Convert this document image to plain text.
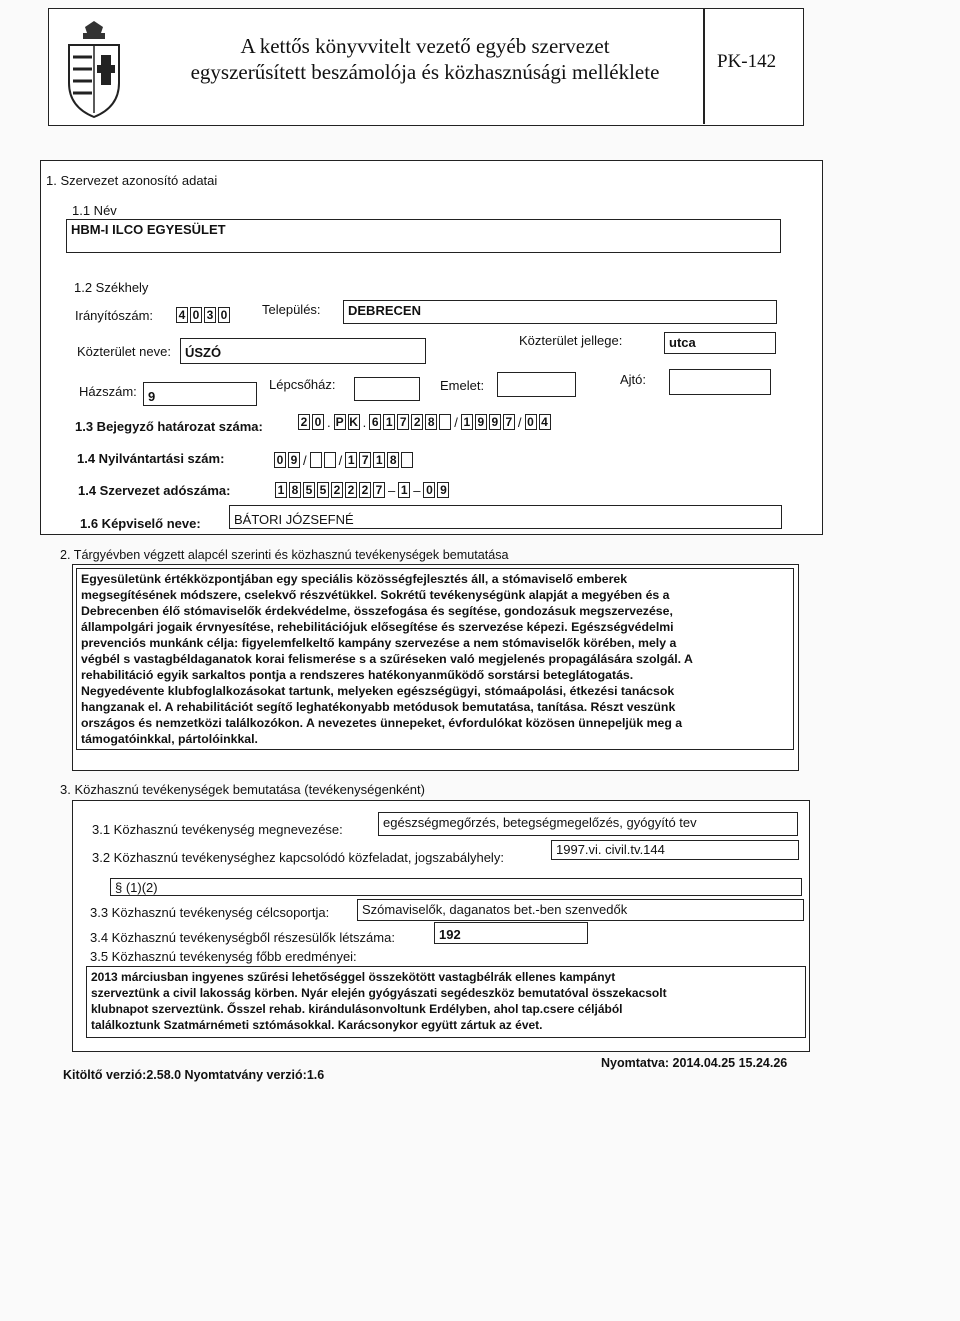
A kettős könyvvitelt vezető egyéb szervezet
egyszerűsített beszámolója és közhasznúsági melléklete	PK-142
1. Szervezet azonosító adatai
1.1 Név
HBM-I ILCO EGYESÜLET
1.2 Székhely
Irányítószám: 4 0 3 0	Település:	DEBRECEN
Közterület neve:	ÚSZÓ
Közterület jellege:	utca
Házszám: 9
Lépcsőház:	Emelet:	Ajtó:
1.3 Bejegyző határozat száma:	2 0 . P K . 6 1 7 2 8 / 1 9 9 7 / 0 4
1.4 Nyilvántartási szám:	0 9 / / 1 7 1 8
1.4 Szervezet adószáma:	1 8 5 5 2 2 2 7 – 1 – 0 9
1.6 Képviselő neve:	BÁTORI JÓZSEFNÉ
2. Tárgyévben végzett alapcél szerinti és közhasznú tevékenységek bemutatása
Egyesületünk értékközpontjában egy speciális közösségfejlesztés áll, a stómaviselő emberek
megsegítésének módszere, cselekvő részvétükkel. Sokrétű tevékenységünk alapját a megyében és a
Debrecenben élő stómaviselők érdekvédelme, összefogása és segítése, gondozásuk megszervezése,
állampolgári jogaik érvnyesítése, rehebilitációjuk elősegítése és szervezése képezi. Egészségvédelmi
prevenciós munkánk célja: figyelemfelkeltő kampány szervezése a nem stómaviselők körében, mely a
végbél s vastagbéldaganatok korai felismerése s a szűréseken való megjelenés propagálására szolgál. A
rehabilitáció egyik sarkaltos pontja a rendszeres hatékonyanműködő sorstársi beteglátogatás.
Negyedévente klubfoglalkozásokat tartunk, melyeken egészségügyi, stómaápolási, étkezési tanácsok
hangzanak el. A rehabilitációt segítő leghatékonyabb metódusok bemutatása, tanítása. Részt veszünk
országos és nemzetközi találkozókon. A nevezetes ünnepeket, évfordulókat közösen ünnepeljük meg a
támogatóinkkal, pártolóinkkal.
3. Közhasznú tevékenységek bemutatása (tevékenységenként)
3.1 Közhasznú tevékenység megnevezése:	egészségmegőrzés, betegségmegelőzés, gyógyító tev
3.2 Közhasznú tevékenységhez kapcsolódó közfeladat, jogszabályhely:
1997.vi. civil.tv.144
§ (1)(2)
3.3 Közhasznú tevékenység célcsoportja:	Szómaviselők, daganatos bet.-ben szenvedők
3.4 Közhasznú tevékenységből részesülők létszáma:	192
3.5 Közhasznú tevékenység főbb eredményei:
2013 márciusban ingyenes szűrési lehetőséggel összekötött vastagbélrák ellenes kampányt
szerveztünk a civil lakosság körben. Nyár elején gyógyászati segédeszköz bemutatóval összekacsolt
klubnapot szerveztünk. Ősszel rehab. kirándulásonvoltunk Erdélyben, ahol tap.csere céljából
találkoztunk Szatmárnémeti sztómásokkal. Karácsonykor együtt zártuk az évet.
Kitöltő verzió:2.58.0 Nyomtatvány verzió:1.6
Nyomtatva: 2014.04.25 15.24.26
